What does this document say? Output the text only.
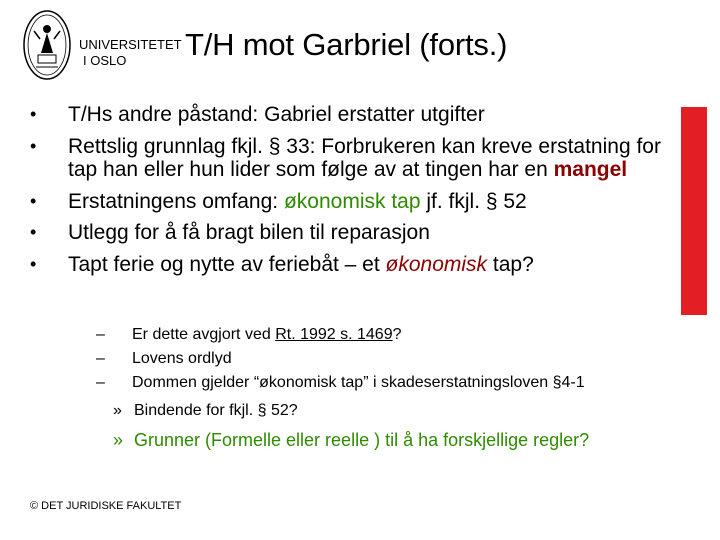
UNIVERSITETET
I OSLO	T/H mot Garbriel (forts.)
• T/Hs andre påstand: Gabriel erstatter utgifter
• Rettslig grunnlag fkjl. § 33: Forbrukeren kan kreve erstatning for tap han eller hun lider som følge av at tingen har en mangel
• Erstatningens omfang: økonomisk tap jf. fkjl. § 52
• Utlegg for å få bragt bilen til reparasjon
• Tapt ferie og nytte av feriebåt – et økonomisk tap?
– Er dette avgjort ved Rt. 1992 s. 1469?
– Lovens ordlyd
– Dommen gjelder “økonomisk tap” i skadeserstatningsloven §4-1
» Bindende for fkjl. § 52?
» Grunner (Formelle eller reelle ) til å ha forskjellige regler?
© DET JURIDISKE FAKULTET
